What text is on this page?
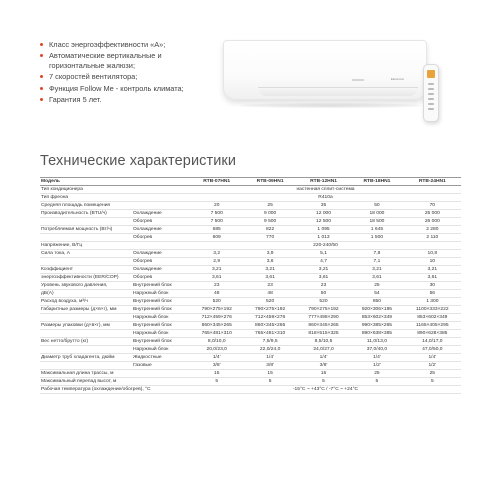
Класс энергоэффективности «А»;
Автоматические вертикальные и
горизонтальные жалюзи;
7 скоростей вентилятора;
Функция Follow Me - контроль климата;
Гарантия 5 лет.
Electrolux
Технические характеристики
Модель		RTB-07HN1	RTB-09HN1	RTB-12HN1	RTB-18HN1	RTB-24HN1
Тип кондиционера		настенная сплит-система				
Тип фреона		R410a				
Средняя площадь помещения		20	25	35	50	70
Производительность (BTU/ч)	Охлаждение	7 500	9 000	12 000	18 000	25 000
	Обогрев	7 500	9 500	12 500	18 500	26 000
Потребляемая мощность (Вт/ч)	Охлаждение	685	822	1 095	1 645	2 280
	Обогрев	609	770	1 013	1 500	2 110
Напряжение, В/Гц		220-240/50				
Сила тока, А	Охлаждение	3,2	3,9	5,1	7,8	10,8
	Обогрев	2,9	3,6	4,7	7,1	10
Коэффициент	Охлаждение	3,21	3,21	3,21	3,21	3,21
энергоэффективности (EER/COP)	Обогрев	3,61	3,61	3,61	3,61	3,61
Уровень звукового давления,	Внутренний блок	23	23	23	25	30
дБ(А)	Наружный блок	48	48	50	54	56
Расход воздуха, м³/ч	Внутренний блок	520	520	520	850	1 300
Габаритные размеры (д×в×г), мм	Внутренний блок	790×275×192	790×275×192	790×275×192	920×306×195	1100×333×222
	Наружный блок	712×459×276	712×459×276	777×498×290	853×602×349	853×602×349
Размеры упаковки (д×в×г), мм	Внутренний блок	860×345×265	860×345×265	860×345×265	990×385×265	1165×405×295
	Наружный блок	765×481×310	765×481×310	818×515×325	890×638×385	890×628×385
Вес нетто/брутто (кг)	Внутренний блок	8,0/10,0	7,5/9,5	8,5/10,5	11,0/13,0	14,0/17,0
	Наружный блок	20,0/23,0	22,0/24,0	24,0/27,0	37,0/40,0	47,0/50,0
Диаметр труб хладагента, дюйм	Жидкостные	1/4'	1/4'	1/4'	1/4'	1/4'
	Газовые	3/8'	3/8'	3/8'	1/2'	1/2'
Максимальная длина трассы, м		15	15	15	25	25
Максимальный перепад высот, м		5	5	5	5	5
Рабочая температура (охлаждение/обогрев), °С		-15°С ~ +43°С / -7°С ~ +24°С				
